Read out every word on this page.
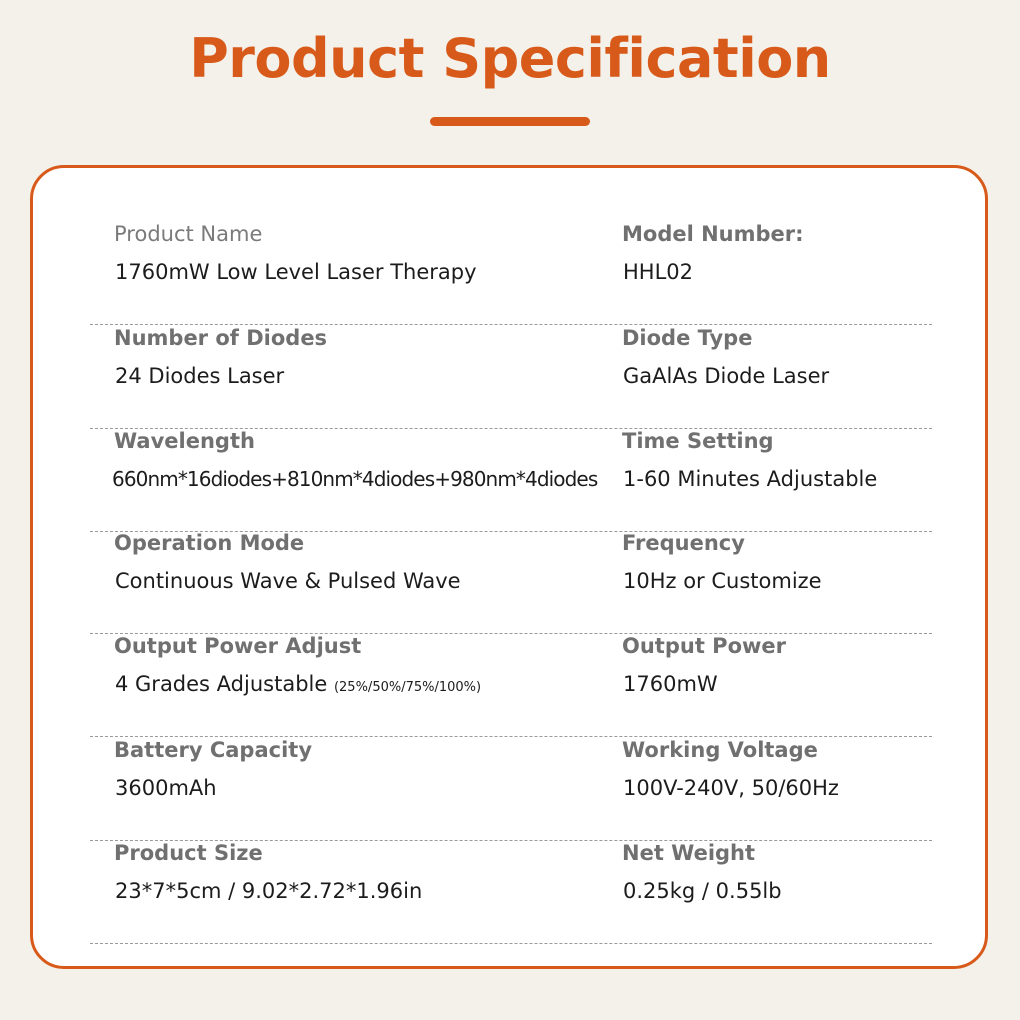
Product Specification
Product Name
1760mW Low Level Laser Therapy
Model Number:
HHL02
Number of Diodes
24 Diodes Laser
Diode Type
GaAlAs Diode Laser
Wavelength
660nm*16diodes+810nm*4diodes+980nm*4diodes
Time Setting
1-60 Minutes Adjustable
Operation Mode
Continuous Wave & Pulsed Wave
Frequency
10Hz or Customize
Output Power Adjust
4 Grades Adjustable (25%/50%/75%/100%)
Output Power
1760mW
Battery Capacity
3600mAh
Working Voltage
100V-240V, 50/60Hz
Product Size
23*7*5cm / 9.02*2.72*1.96in
Net Weight
0.25kg / 0.55lb
